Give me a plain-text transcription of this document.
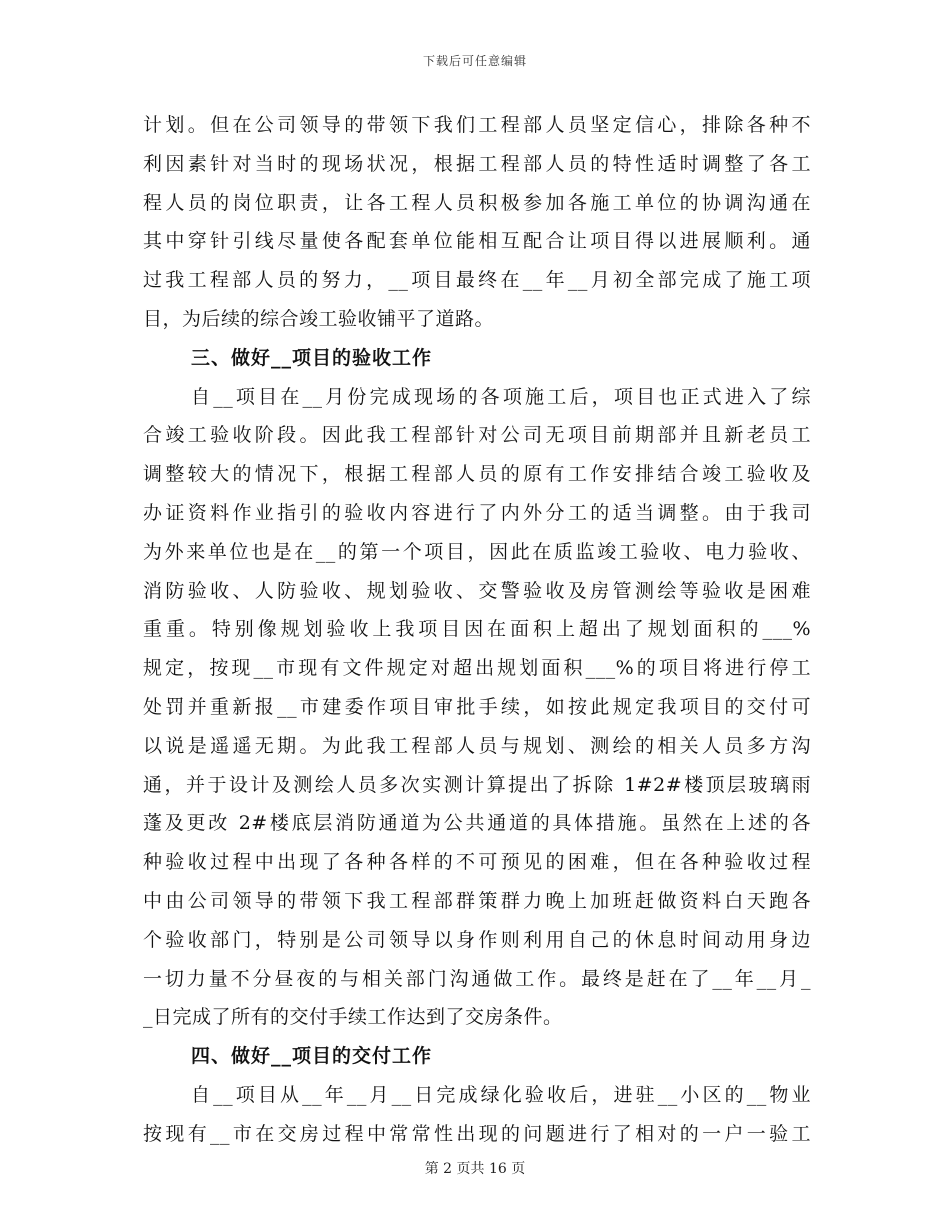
下载后可任意编辑
计划。但在公司领导的带领下我们工程部人员坚定信心，排除各种不
利因素针对当时的现场状况，根据工程部人员的特性适时调整了各工
程人员的岗位职责，让各工程人员积极参加各施工单位的协调沟通在
其中穿针引线尽量使各配套单位能相互配合让项目得以进展顺利。通
过我工程部人员的努力，__项目最终在__年__月初全部完成了施工项
目，为后续的综合竣工验收铺平了道路。
三、做好__项目的验收工作
自__项目在__月份完成现场的各项施工后，项目也正式进入了综
合竣工验收阶段。因此我工程部针对公司无项目前期部并且新老员工
调整较大的情况下，根据工程部人员的原有工作安排结合竣工验收及
办证资料作业指引的验收内容进行了内外分工的适当调整。由于我司
为外来单位也是在__的第一个项目，因此在质监竣工验收、电力验收、
消防验收、人防验收、规划验收、交警验收及房管测绘等验收是困难
重重。特别像规划验收上我项目因在面积上超出了规划面积的___%
规定，按现__市现有文件规定对超出规划面积___%的项目将进行停工
处罚并重新报__市建委作项目审批手续，如按此规定我项目的交付可
以说是遥遥无期。为此我工程部人员与规划、测绘的相关人员多方沟
通，并于设计及测绘人员多次实测计算提出了拆除 1#2#楼顶层玻璃雨
蓬及更改 2#楼底层消防通道为公共通道的具体措施。虽然在上述的各
种验收过程中出现了各种各样的不可预见的困难，但在各种验收过程
中由公司领导的带领下我工程部群策群力晚上加班赶做资料白天跑各
个验收部门，特别是公司领导以身作则利用自己的休息时间动用身边
一切力量不分昼夜的与相关部门沟通做工作。最终是赶在了__年__月_
_日完成了所有的交付手续工作达到了交房条件。
四、做好__项目的交付工作
自__项目从__年__月__日完成绿化验收后，进驻__小区的__物业
按现有__市在交房过程中常常性出现的问题进行了相对的一户一验工
第 2 页共 16 页
